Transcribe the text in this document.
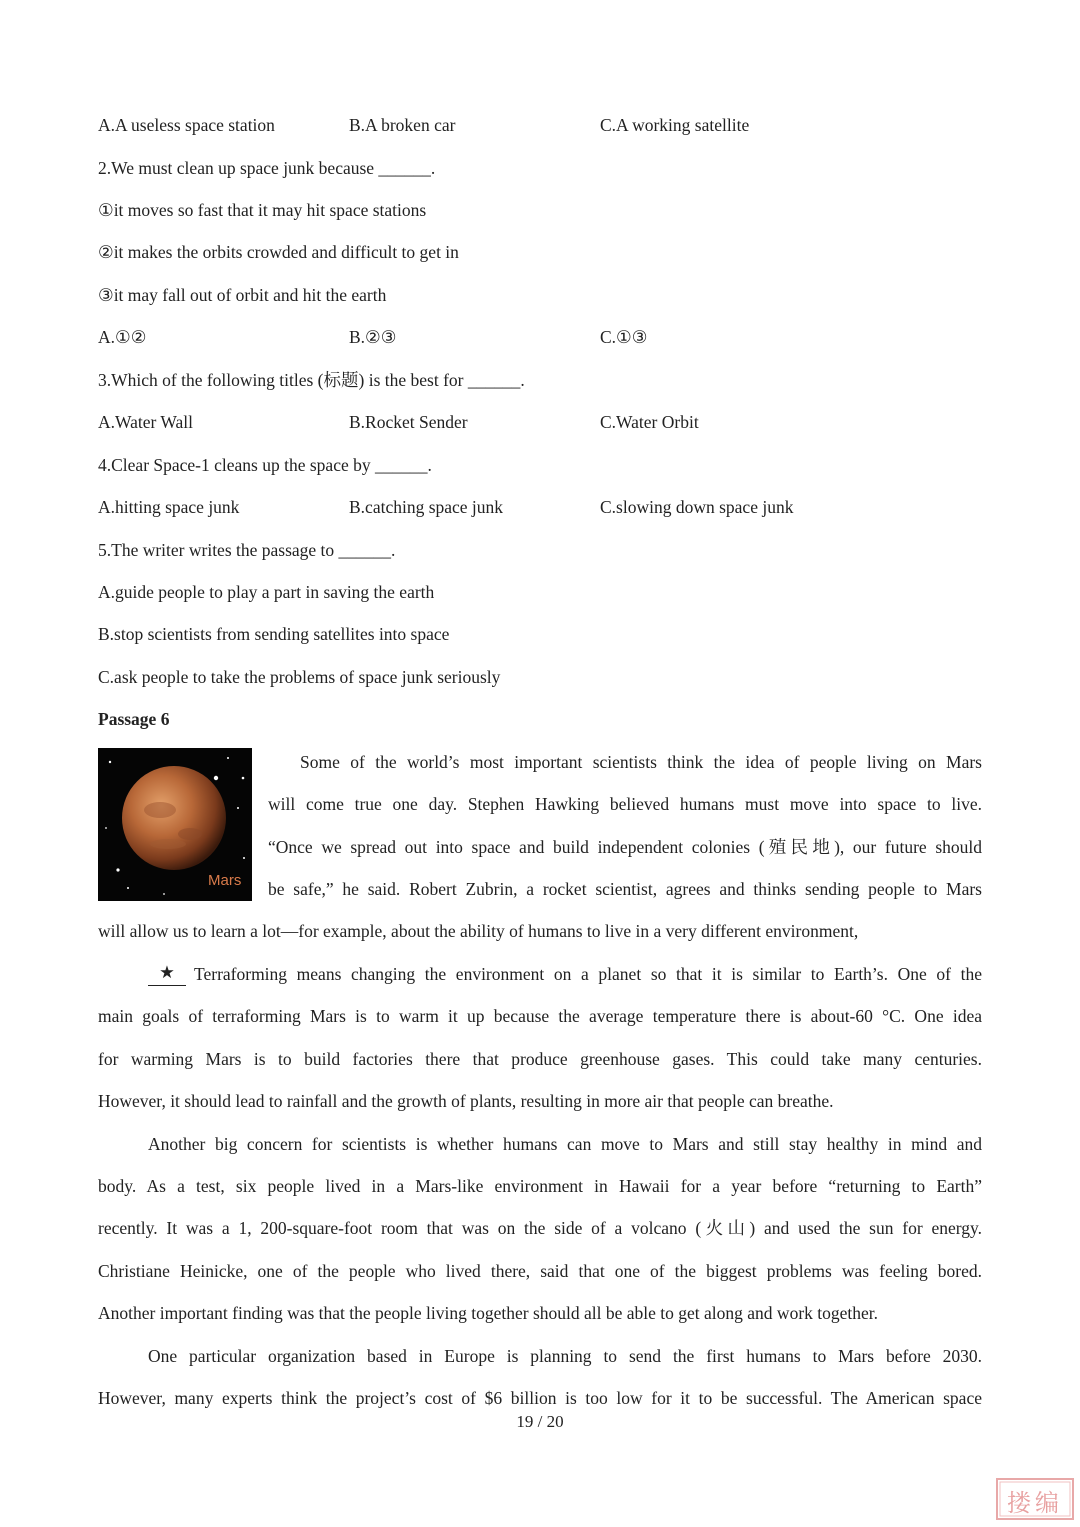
A.A useless space station	B.A broken car	C.A working satellite
2.We must clean up space junk because ______.
①it moves so fast that it may hit space stations
②it makes the orbits crowded and difficult to get in
③it may fall out of orbit and hit the earth
A.①②	B.②③	C.①③
3.Which of the following titles (标题) is the best for ______.
A.Water Wall	B.Rocket Sender	C.Water Orbit
4.Clear Space-1 cleans up the space by ______.
A.hitting space junk	B.catching space junk	C.slowing down space junk
5.The writer writes the passage to ______.
A.guide people to play a part in saving the earth
B.stop scientists from sending satellites into space
C.ask people to take the problems of space junk seriously
Passage 6
Mars
Some of the world’s most important scientists think the idea of people living on Mars
will come true one day. Stephen Hawking believed humans must move into space to live.
“Once we spread out into space and build independent colonies (殖民地), our future should
be safe,” he said. Robert Zubrin, a rocket scientist, agrees and thinks sending people to Mars
will allow us to learn a lot—for example, about the ability of humans to live in a very different environment,
★	Terraforming means changing the environment on a planet so that it is similar to Earth’s. One of the
main goals of terraforming Mars is to warm it up because the average temperature there is about-60 °C. One idea
for warming Mars is to build factories there that produce greenhouse gases. This could take many centuries.
However, it should lead to rainfall and the growth of plants, resulting in more air that people can breathe.
Another big concern for scientists is whether humans can move to Mars and still stay healthy in mind and
body. As a test, six people lived in a Mars-like environment in Hawaii for a year before “returning to Earth”
recently. It was a 1, 200-square-foot room that was on the side of a volcano (火山) and used the sun for energy.
Christiane Heinicke, one of the people who lived there, said that one of the biggest problems was feeling bored.
Another important finding was that the people living together should all be able to get along and work together.
One particular organization based in Europe is planning to send the first humans to Mars before 2030.
However, many experts think the project’s cost of $6 billion is too low for it to be successful. The American space
19 / 20
搂编
